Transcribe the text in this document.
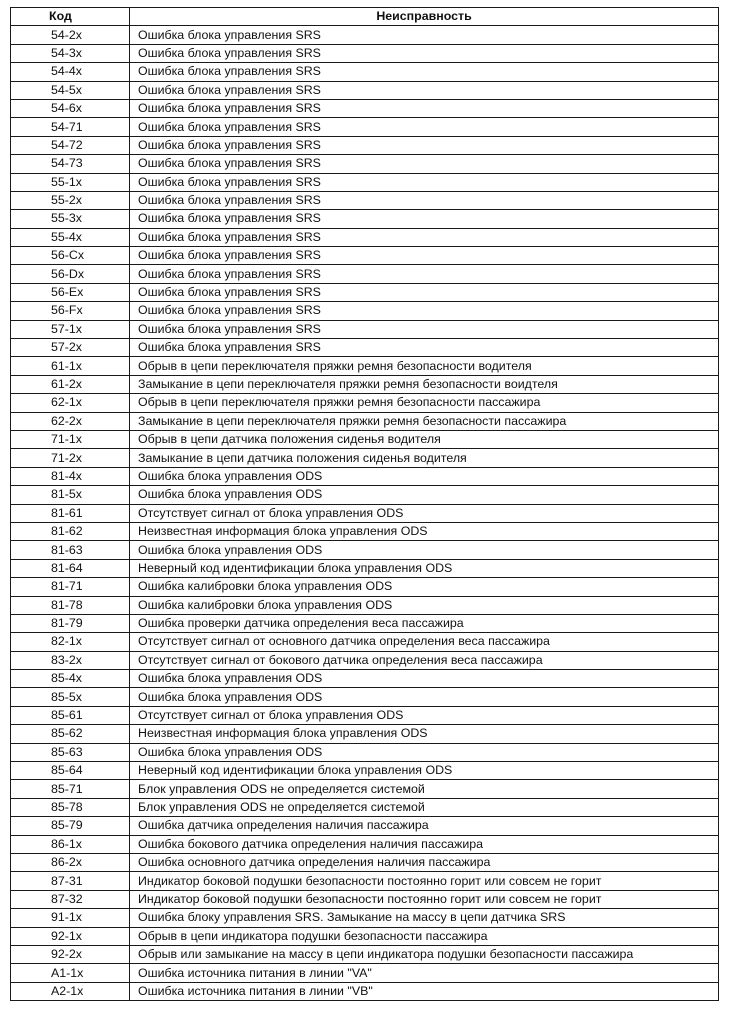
Код	Неисправность
54-2x	Ошибка блока управления SRS
54-3x	Ошибка блока управления SRS
54-4x	Ошибка блока управления SRS
54-5x	Ошибка блока управления SRS
54-6x	Ошибка блока управления SRS
54-71	Ошибка блока управления SRS
54-72	Ошибка блока управления SRS
54-73	Ошибка блока управления SRS
55-1x	Ошибка блока управления SRS
55-2x	Ошибка блока управления SRS
55-3x	Ошибка блока управления SRS
55-4x	Ошибка блока управления SRS
56-Cx	Ошибка блока управления SRS
56-Dx	Ошибка блока управления SRS
56-Ex	Ошибка блока управления SRS
56-Fx	Ошибка блока управления SRS
57-1x	Ошибка блока управления SRS
57-2x	Ошибка блока управления SRS
61-1x	Обрыв в цепи переключателя пряжки ремня безопасности водителя
61-2x	Замыкание в цепи переключателя пряжки ремня безопасности воидтеля
62-1x	Обрыв в цепи переключателя пряжки ремня безопасности пассажира
62-2x	Замыкание в цепи переключателя пряжки ремня безопасности пассажира
71-1x	Обрыв в цепи датчика положения сиденья водителя
71-2x	Замыкание в цепи датчика положения сиденья водителя
81-4x	Ошибка блока управления ODS
81-5x	Ошибка блока управления ODS
81-61	Отсутствует сигнал от блока управления ODS
81-62	Неизвестная информация блока управления ODS
81-63	Ошибка блока управления ODS
81-64	Неверный код идентификации блока управления ODS
81-71	Ошибка калибровки блока управления ODS
81-78	Ошибка калибровки блока управления ODS
81-79	Ошибка проверки датчика определения веса пассажира
82-1x	Отсутствует сигнал от основного датчика определения веса пассажира
83-2x	Отсутствует сигнал от бокового датчика определения веса пассажира
85-4x	Ошибка блока управления ODS
85-5x	Ошибка блока управления ODS
85-61	Отсутствует сигнал от блока управления ODS
85-62	Неизвестная информация блока управления ODS
85-63	Ошибка блока управления ODS
85-64	Неверный код идентификации блока управления ODS
85-71	Блок управления ODS не определяется системой
85-78	Блок управления ODS не определяется системой
85-79	Ошибка датчика определения наличия пассажира
86-1x	Ошибка бокового датчика определения наличия пассажира
86-2x	Ошибка основного датчика определения наличия пассажира
87-31	Индикатор боковой подушки безопасности постоянно горит или совсем не горит
87-32	Индикатор боковой подушки безопасности постоянно горит или совсем не горит
91-1x	Ошибка блоку управления SRS. Замыкание на массу в цепи датчика SRS
92-1x	Обрыв в цепи индикатора подушки безопасности пассажира
92-2x	Обрыв или замыкание на массу в цепи индикатора подушки безопасности пассажира
A1-1x	Ошибка источника питания в линии "VA"
A2-1x	Ошибка источника питания в линии "VB"
